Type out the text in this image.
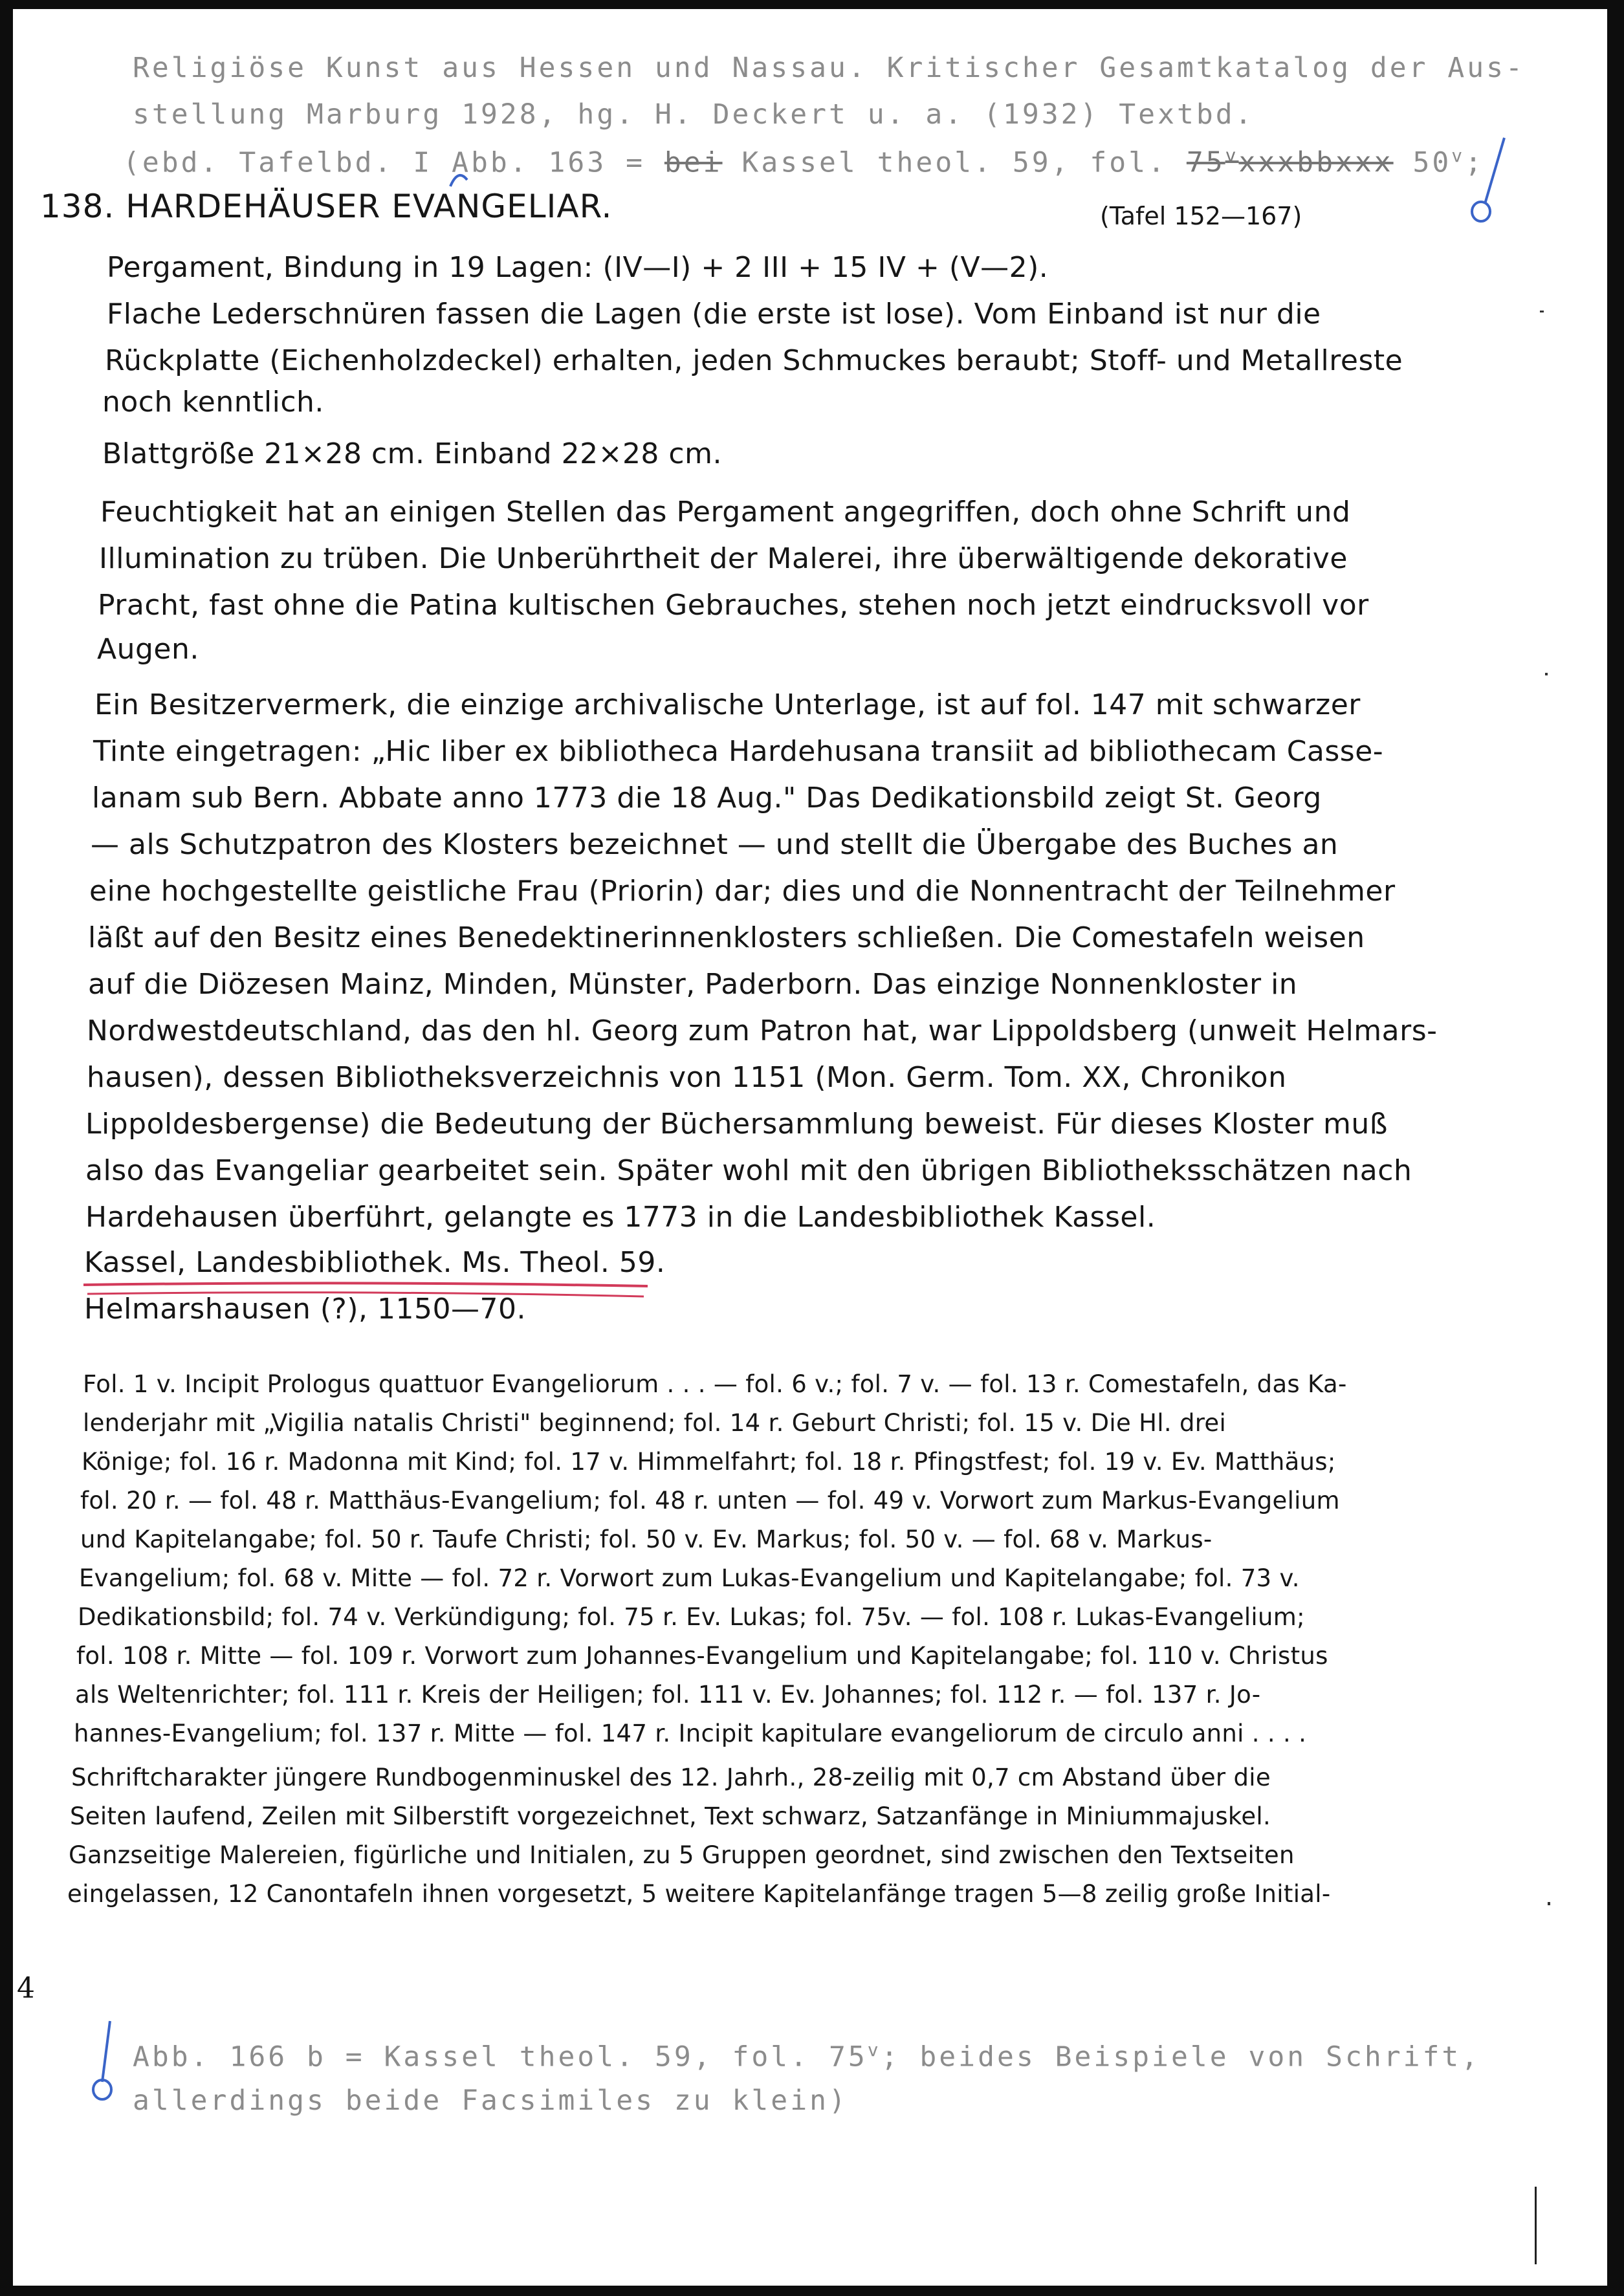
Religiöse Kunst aus Hessen und Nassau. Kritischer Gesamtkatalog der Aus-
stellung Marburg 1928, hg. H. Deckert u. a. (1932) Textbd.
(ebd. Tafelbd. I Abb. 163 = bei Kassel theol. 59, fol. 75$^v$xxxbbxxx 50$^v$;
138. HARDEHÄUSER EVANGELIAR.	(Tafel 152—167)
Pergament, Bindung in 19 Lagen: (IV—I) + 2 III + 15 IV + (V—2).
Flache Lederschnüren fassen die Lagen (die erste ist lose). Vom Einband ist nur die
Rückplatte (Eichenholzdeckel) erhalten, jeden Schmuckes beraubt; Stoff- und Metallreste
noch kenntlich.
Blattgröße 21×28 cm. Einband 22×28 cm.
Feuchtigkeit hat an einigen Stellen das Pergament angegriffen, doch ohne Schrift und
Illumination zu trüben. Die Unberührtheit der Malerei, ihre überwältigende dekorative
Pracht, fast ohne die Patina kultischen Gebrauches, stehen noch jetzt eindrucksvoll vor
Augen.
Ein Besitzervermerk, die einzige archivalische Unterlage, ist auf fol. 147 mit schwarzer
Tinte eingetragen: „Hic liber ex bibliotheca Hardehusana transiit ad bibliothecam Casse-
lanam sub Bern. Abbate anno 1773 die 18 Aug." Das Dedikationsbild zeigt St. Georg
— als Schutzpatron des Klosters bezeichnet — und stellt die Übergabe des Buches an
eine hochgestellte geistliche Frau (Priorin) dar; dies und die Nonnentracht der Teilnehmer
läßt auf den Besitz eines Benedektinerinnenklosters schließen. Die Comestafeln weisen
auf die Diözesen Mainz, Minden, Münster, Paderborn. Das einzige Nonnenkloster in
Nordwestdeutschland, das den hl. Georg zum Patron hat, war Lippoldsberg (unweit Helmars-
hausen), dessen Bibliotheksverzeichnis von 1151 (Mon. Germ. Tom. XX, Chronikon
Lippoldesbergense) die Bedeutung der Büchersammlung beweist. Für dieses Kloster muß
also das Evangeliar gearbeitet sein. Später wohl mit den übrigen Bibliotheksschätzen nach
Hardehausen überführt, gelangte es 1773 in die Landesbibliothek Kassel.
Kassel, Landesbibliothek. Ms. Theol. 59.
Helmarshausen (?), 1150—70.
Fol. 1 v. Incipit Prologus quattuor Evangeliorum . . . — fol. 6 v.; fol. 7 v. — fol. 13 r. Comestafeln, das Ka-
lenderjahr mit „Vigilia natalis Christi" beginnend; fol. 14 r. Geburt Christi; fol. 15 v. Die Hl. drei
Könige; fol. 16 r. Madonna mit Kind; fol. 17 v. Himmelfahrt; fol. 18 r. Pfingstfest; fol. 19 v. Ev. Matthäus;
fol. 20 r. — fol. 48 r. Matthäus-Evangelium; fol. 48 r. unten — fol. 49 v. Vorwort zum Markus-Evangelium
und Kapitelangabe; fol. 50 r. Taufe Christi; fol. 50 v. Ev. Markus; fol. 50 v. — fol. 68 v. Markus-
Evangelium; fol. 68 v. Mitte — fol. 72 r. Vorwort zum Lukas-Evangelium und Kapitelangabe; fol. 73 v.
Dedikationsbild; fol. 74 v. Verkündigung; fol. 75 r. Ev. Lukas; fol. 75v. — fol. 108 r. Lukas-Evangelium;
fol. 108 r. Mitte — fol. 109 r. Vorwort zum Johannes-Evangelium und Kapitelangabe; fol. 110 v. Christus
als Weltenrichter; fol. 111 r. Kreis der Heiligen; fol. 111 v. Ev. Johannes; fol. 112 r. — fol. 137 r. Jo-
hannes-Evangelium; fol. 137 r. Mitte — fol. 147 r. Incipit kapitulare evangeliorum de circulo anni . . . .
Schriftcharakter jüngere Rundbogenminuskel des 12. Jahrh., 28-zeilig mit 0,7 cm Abstand über die
Seiten laufend, Zeilen mit Silberstift vorgezeichnet, Text schwarz, Satzanfänge in Miniummajuskel.
Ganzseitige Malereien, figürliche und Initialen, zu 5 Gruppen geordnet, sind zwischen den Textseiten
eingelassen, 12 Canontafeln ihnen vorgesetzt, 5 weitere Kapitelanfänge tragen 5—8 zeilig große Initial-
4
Abb. 166 b = Kassel theol. 59, fol. 75$^v$; beides Beispiele von Schrift,
allerdings beide Facsimiles zu klein)
